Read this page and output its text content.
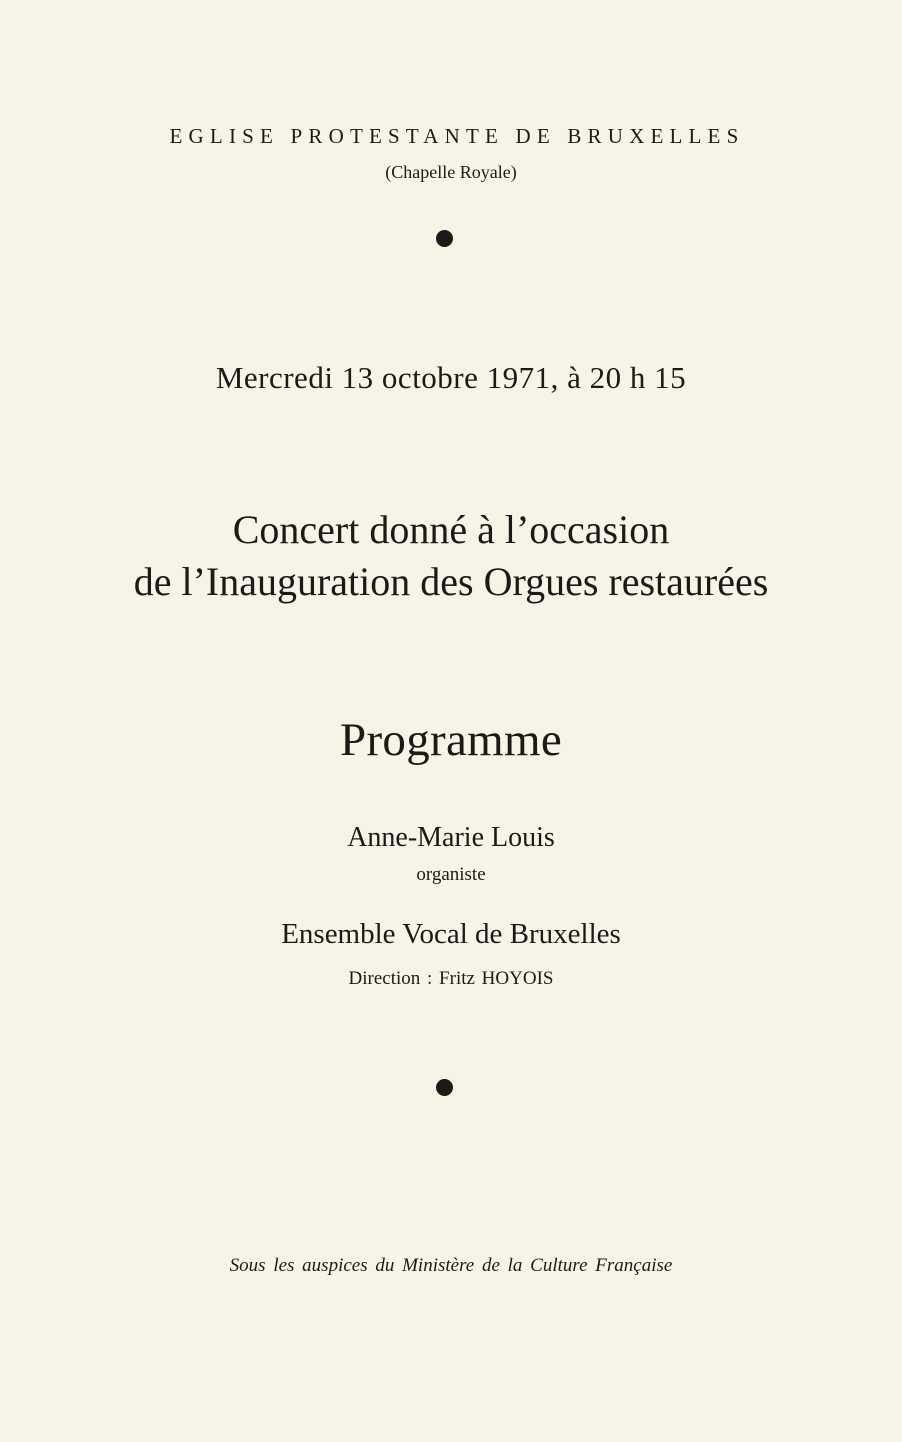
EGLISE PROTESTANTE DE BRUXELLES
(Chapelle Royale)
Mercredi 13 octobre 1971, à 20 h 15
Concert donné à l’occasion
de l’Inauguration des Orgues restaurées
Programme
Anne-Marie Louis
organiste
Ensemble Vocal de Bruxelles
Direction : Fritz HOYOIS
Sous les auspices du Ministère de la Culture Française
